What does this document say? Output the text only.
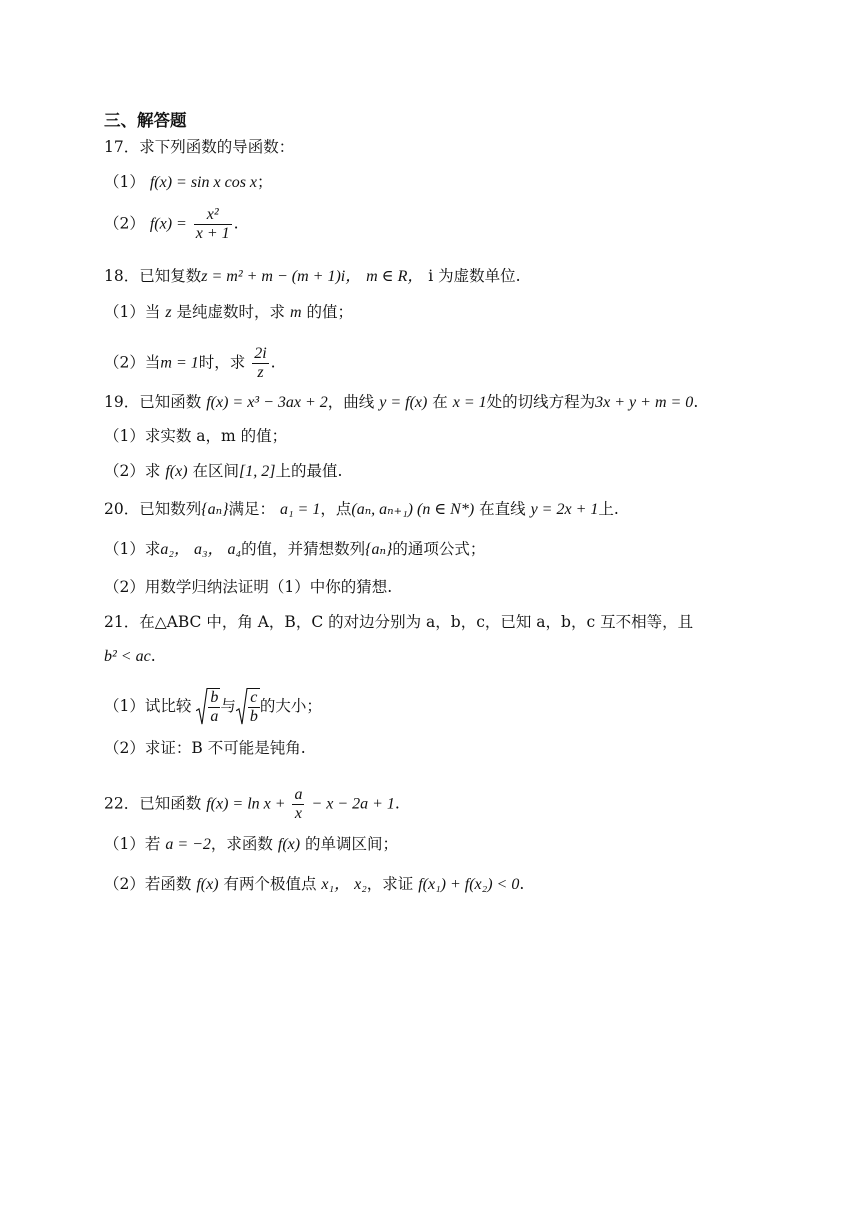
三、解答题
17．求下列函数的导函数：
（1） f(x) = sin x cos x；
（2） $f(x) = \frac{\text{x²}}{x + 1}$ .
18．已知复数z = m² + m − (m + 1)i， m ∈ R， i 为虚数单位.
（1）当 z 是纯虚数时，求 m 的值；
（2）当m = 1时，求 $\frac{2i}{z}$ .
19．已知函数 f(x) = x³ − 3ax + 2，曲线 y = f(x) 在 x = 1处的切线方程为3x + y + m = 0.
（1）求实数 a，m 的值；
（2）求 f(x) 在区间[1, 2]上的最值.
20．已知数列{aₙ}满足： a₁ = 1，点(aₙ, aₙ₊₁) (n ∈ N*) 在直线 y = 2x + 1上.
（1）求a₂， a₃， a₄的值，并猜想数列{aₙ}的通项公式；
（2）用数学归纳法证明（1）中你的猜想.
21．在△ABC 中，角 A，B，C 的对边分别为 a，b，c，已知 a，b，c 互不相等，且
b² < ac.
（1）试比较 $\frac{b}{a}$ 与 $\frac{c}{b}$ 的大小；
（2）求证：B 不可能是钝角.
22．已知函数 $f(x) = \ln x + \frac{a}{x} - x - 2a + 1$.
（1）若 a = −2，求函数 f(x) 的单调区间；
（2）若函数 f(x) 有两个极值点 x₁， x₂，求证 f(x₁) + f(x₂) < 0.
